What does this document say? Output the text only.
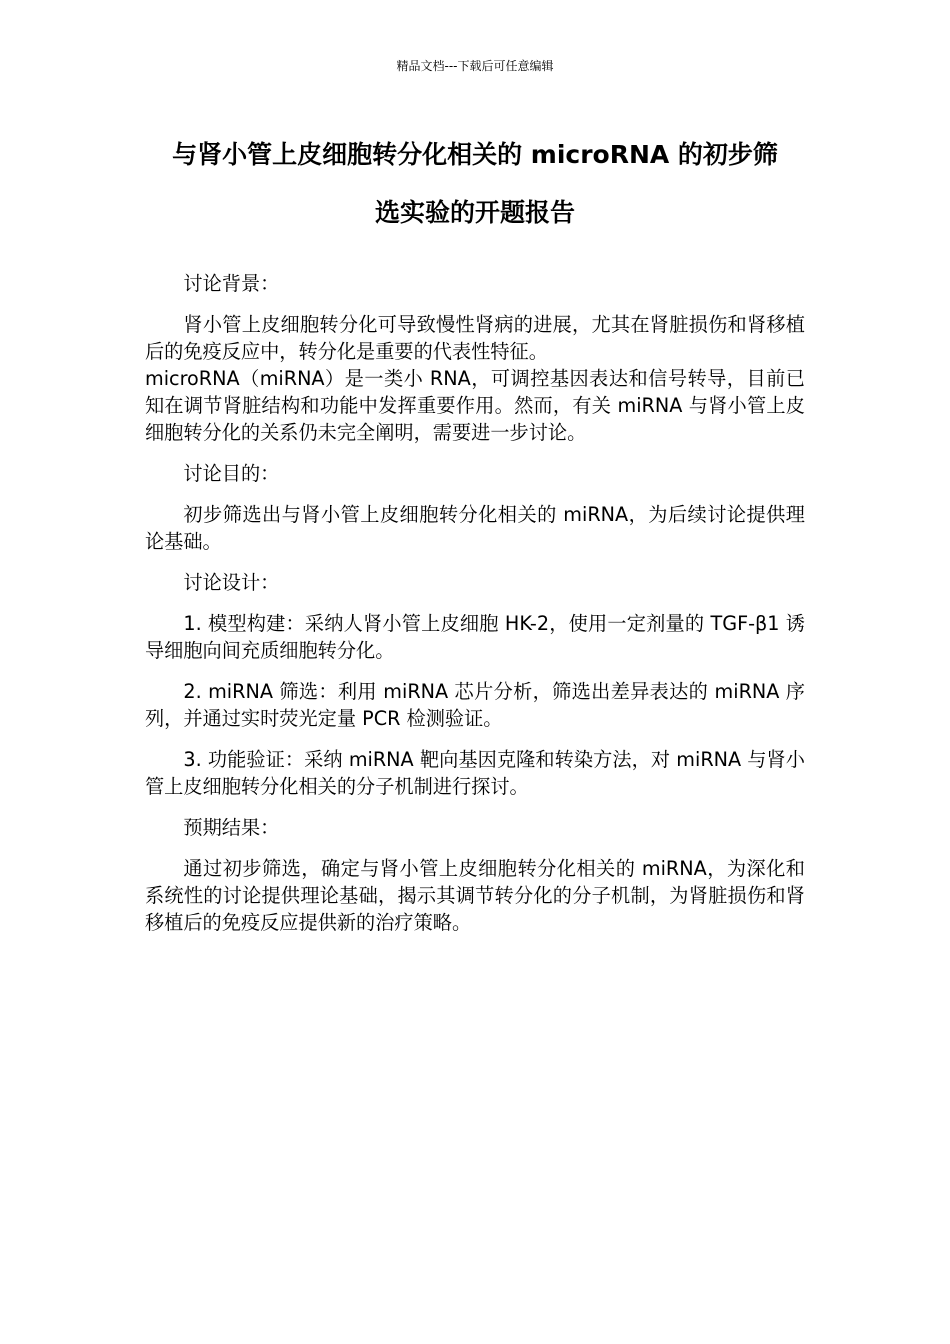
精品文档---下载后可任意编辑
与肾小管上皮细胞转分化相关的 microRNA 的初步筛
选实验的开题报告

讨论背景：

肾小管上皮细胞转分化可导致慢性肾病的进展，尤其在肾脏损伤和肾移植后的免疫反应中，转分化是重要的代表性特征。

microRNA（miRNA）是一类小 RNA，可调控基因表达和信号转导，目前已知在调节肾脏结构和功能中发挥重要作用。然而，有关 miRNA 与肾小管上皮细胞转分化的关系仍未完全阐明，需要进一步讨论。

讨论目的：

初步筛选出与肾小管上皮细胞转分化相关的 miRNA，为后续讨论提供理论基础。

讨论设计：

1. 模型构建：采纳人肾小管上皮细胞 HK-2，使用一定剂量的 TGF-β1 诱导细胞向间充质细胞转分化。

2. miRNA 筛选：利用 miRNA 芯片分析，筛选出差异表达的 miRNA 序列，并通过实时荧光定量 PCR 检测验证。

3. 功能验证：采纳 miRNA 靶向基因克隆和转染方法，对 miRNA 与肾小管上皮细胞转分化相关的分子机制进行探讨。

预期结果：

通过初步筛选，确定与肾小管上皮细胞转分化相关的 miRNA，为深化和系统性的讨论提供理论基础，揭示其调节转分化的分子机制，为肾脏损伤和肾移植后的免疫反应提供新的治疗策略。
